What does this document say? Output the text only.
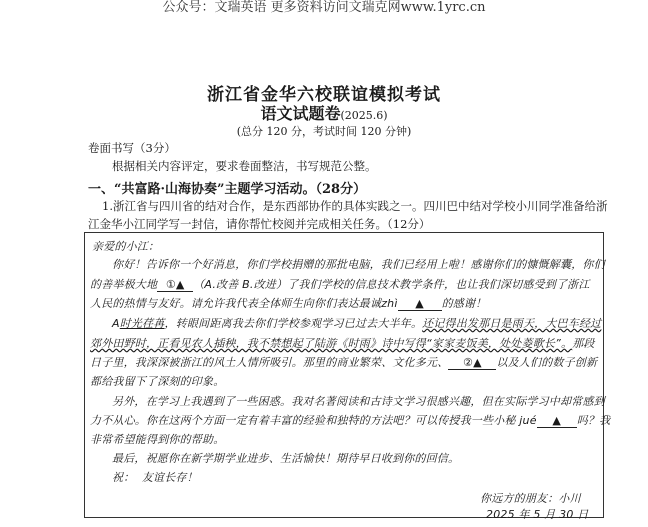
公众号：文瑞英语 更多资料访问文瑞克网www.1yrc.cn
浙江省金华六校联谊模拟考试
语文试题卷(2025.6)
(总分 120 分，考试时间 120 分钟)
卷面书写（3分）
根据相关内容评定，要求卷面整洁，书写规范公整。
一、“共富路·山海协奏”主题学习活动。（28分）
1.浙江省与四川省的结对合作，是东西部协作的具体实践之一。四川巴中结对学校小川同学准备给浙
江金华小江同学写一封信，请你帮忙校阅并完成相关任务。（12分）
亲爱的小江：
你好！告诉你一个好消息，你们学校捐赠的那批电脑，我们已经用上啦！感谢你们的慷慨解囊，你们
的善举极大地 ①▲ （A.改善 B.改进）了我们学校的信息技术教学条件，也让我们深切感受到了浙江
人民的热情与友好。请允许我代表全体师生向你们表达最诚zhì ▲ 的感谢！
A时光荏苒，转眼间距离我去你们学校参观学习已过去大半年。还记得出发那日是雨天，大巴车经过
郊外田野时，正看见农人插秧，我不禁想起了陆游《时雨》诗中写得“家家麦饭美，处处菱歌长”。那段
日子里，我深深被浙江的风土人情所吸引。那里的商业繁荣、文化多元、 ②▲ 以及人们的数子创新
都给我留下了深刻的印象。
另外，在学习上我遇到了一些困惑。我对名著阅读和古诗文学习很感兴趣，但在实际学习中却常感到
力不从心。你在这两个方面一定有着丰富的经验和独特的方法吧？可以传授我一些小秘 jué ▲ 吗？我
非常希望能得到你的帮助。
最后，祝愿你在新学期学业进步、生活愉快！期待早日收到你的回信。
祝： 友谊长存！
你远方的朋友：小川
2025 年 5 月 30 日
